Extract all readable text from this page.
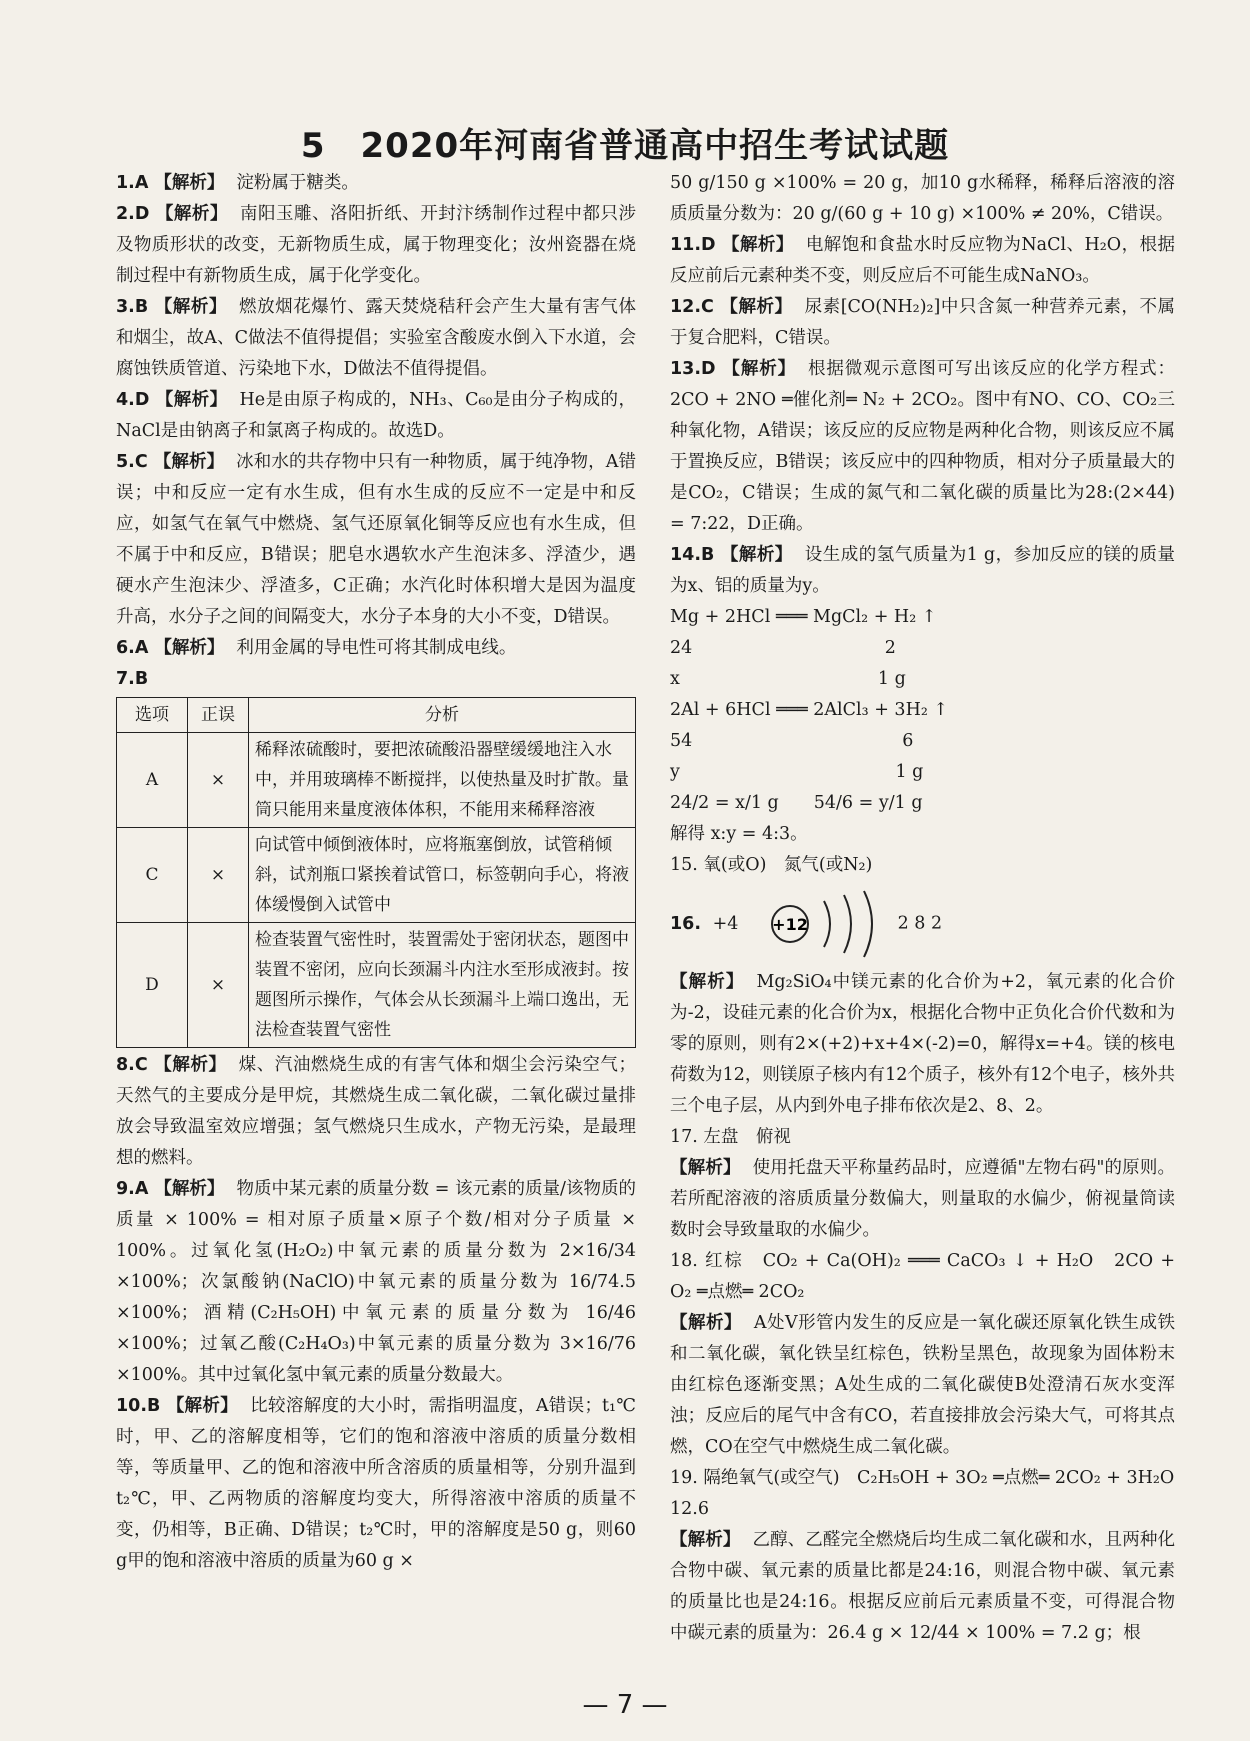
5　2020年河南省普通高中招生考试试题

1.A 【解析】 淀粉属于糖类。

2.D 【解析】 南阳玉雕、洛阳折纸、开封汴绣制作过程中都只涉及物质形状的改变，无新物质生成，属于物理变化；汝州瓷器在烧制过程中有新物质生成，属于化学变化。

3.B 【解析】 燃放烟花爆竹、露天焚烧秸秆会产生大量有害气体和烟尘，故A、C做法不值得提倡；实验室含酸废水倒入下水道，会腐蚀铁质管道、污染地下水，D做法不值得提倡。

4.D 【解析】 He是由原子构成的，NH₃、C₆₀是由分子构成的，NaCl是由钠离子和氯离子构成的。故选D。

5.C 【解析】 冰和水的共存物中只有一种物质，属于纯净物，A错误；中和反应一定有水生成，但有水生成的反应不一定是中和反应，如氢气在氧气中燃烧、氢气还原氧化铜等反应也有水生成，但不属于中和反应，B错误；肥皂水遇软水产生泡沫多、浮渣少，遇硬水产生泡沫少、浮渣多，C正确；水汽化时体积增大是因为温度升高，水分子之间的间隔变大，水分子本身的大小不变，D错误。

6.A 【解析】 利用金属的导电性可将其制成电线。

7.B

选项	正误	分析
A	×	稀释浓硫酸时，要把浓硫酸沿器壁缓缓地注入水中，并用玻璃棒不断搅拌，以使热量及时扩散。量筒只能用来量度液体体积，不能用来稀释溶液
C	×	向试管中倾倒液体时，应将瓶塞倒放，试管稍倾斜，试剂瓶口紧挨着试管口，标签朝向手心，将液体缓慢倒入试管中
D	×	检查装置气密性时，装置需处于密闭状态，题图中装置不密闭，应向长颈漏斗内注水至形成液封。按题图所示操作，气体会从长颈漏斗上端口逸出，无法检查装置气密性

8.C 【解析】 煤、汽油燃烧生成的有害气体和烟尘会污染空气；天然气的主要成分是甲烷，其燃烧生成二氧化碳，二氧化碳过量排放会导致温室效应增强；氢气燃烧只生成水，产物无污染，是最理想的燃料。

9.A 【解析】 物质中某元素的质量分数 = 该元素的质量/该物质的质量 × 100% = 相对原子质量×原子个数/相对分子质量 × 100%。过氧化氢(H₂O₂)中氧元素的质量分数为 2×16/34 ×100%；次氯酸钠(NaClO)中氧元素的质量分数为 16/74.5 ×100%；酒精(C₂H₅OH)中氧元素的质量分数为 16/46 ×100%；过氧乙酸(C₂H₄O₃)中氧元素的质量分数为 3×16/76 ×100%。其中过氧化氢中氧元素的质量分数最大。

10.B 【解析】 比较溶解度的大小时，需指明温度，A错误；t₁℃时，甲、乙的溶解度相等，它们的饱和溶液中溶质的质量分数相等，等质量甲、乙的饱和溶液中所含溶质的质量相等，分别升温到t₂℃，甲、乙两物质的溶解度均变大，所得溶液中溶质的质量不变，仍相等，B正确、D错误；t₂℃时，甲的溶解度是50 g，则60 g甲的饱和溶液中溶质的质量为60 g ×

50 g/150 g ×100% = 20 g，加10 g水稀释，稀释后溶液的溶质质量分数为：20 g/(60 g + 10 g) ×100% ≠ 20%，C错误。

11.D 【解析】 电解饱和食盐水时反应物为NaCl、H₂O，根据反应前后元素种类不变，则反应后不可能生成NaNO₃。

12.C 【解析】 尿素[CO(NH₂)₂]中只含氮一种营养元素，不属于复合肥料，C错误。

13.D 【解析】 根据微观示意图可写出该反应的化学方程式：2CO + 2NO ═催化剂═ N₂ + 2CO₂。图中有NO、CO、CO₂三种氧化物，A错误；该反应的反应物是两种化合物，则该反应不属于置换反应，B错误；该反应中的四种物质，相对分子质量最大的是CO₂，C错误；生成的氮气和二氧化碳的质量比为28:(2×44) = 7:22，D正确。

14.B 【解析】 设生成的氢气质量为1 g，参加反应的镁的质量为x、铝的质量为y。

Mg + 2HCl ═══ MgCl₂ + H₂ ↑

24　　　　　　　　　　　2

x　　　　　　　　　　　 1 g

2Al + 6HCl ═══ 2AlCl₃ + 3H₂ ↑

54　　　　　　　　　　　　6

y　　　　　　　　　　　　 1 g

24/2 = x/1 g　　54/6 = y/1 g

解得 x:y = 4:3。

15. 氧(或O)　氮气(或N₂)

16. +4 +12	2 8 2

【解析】 Mg₂SiO₄中镁元素的化合价为+2，氧元素的化合价为-2，设硅元素的化合价为x，根据化合物中正负化合价代数和为零的原则，则有2×(+2)+x+4×(-2)=0，解得x=+4。镁的核电荷数为12，则镁原子核内有12个质子，核外有12个电子，核外共三个电子层，从内到外电子排布依次是2、8、2。

17. 左盘　俯视

【解析】 使用托盘天平称量药品时，应遵循"左物右码"的原则。若所配溶液的溶质质量分数偏大，则量取的水偏少，俯视量筒读数时会导致量取的水偏少。

18. 红棕　CO₂ + Ca(OH)₂ ═══ CaCO₃ ↓ + H₂O　2CO + O₂ ═点燃═ 2CO₂

【解析】 A处V形管内发生的反应是一氧化碳还原氧化铁生成铁和二氧化碳，氧化铁呈红棕色，铁粉呈黑色，故现象为固体粉末由红棕色逐渐变黑；A处生成的二氧化碳使B处澄清石灰水变浑浊；反应后的尾气中含有CO，若直接排放会污染大气，可将其点燃，CO在空气中燃烧生成二氧化碳。

19. 隔绝氧气(或空气)　C₂H₅OH + 3O₂ ═点燃═ 2CO₂ + 3H₂O

12.6

【解析】 乙醇、乙醛完全燃烧后均生成二氧化碳和水，且两种化合物中碳、氧元素的质量比都是24:16，则混合物中碳、氧元素的质量比也是24:16。根据反应前后元素质量不变，可得混合物中碳元素的质量为：26.4 g × 12/44 × 100% = 7.2 g；根

— 7 —
